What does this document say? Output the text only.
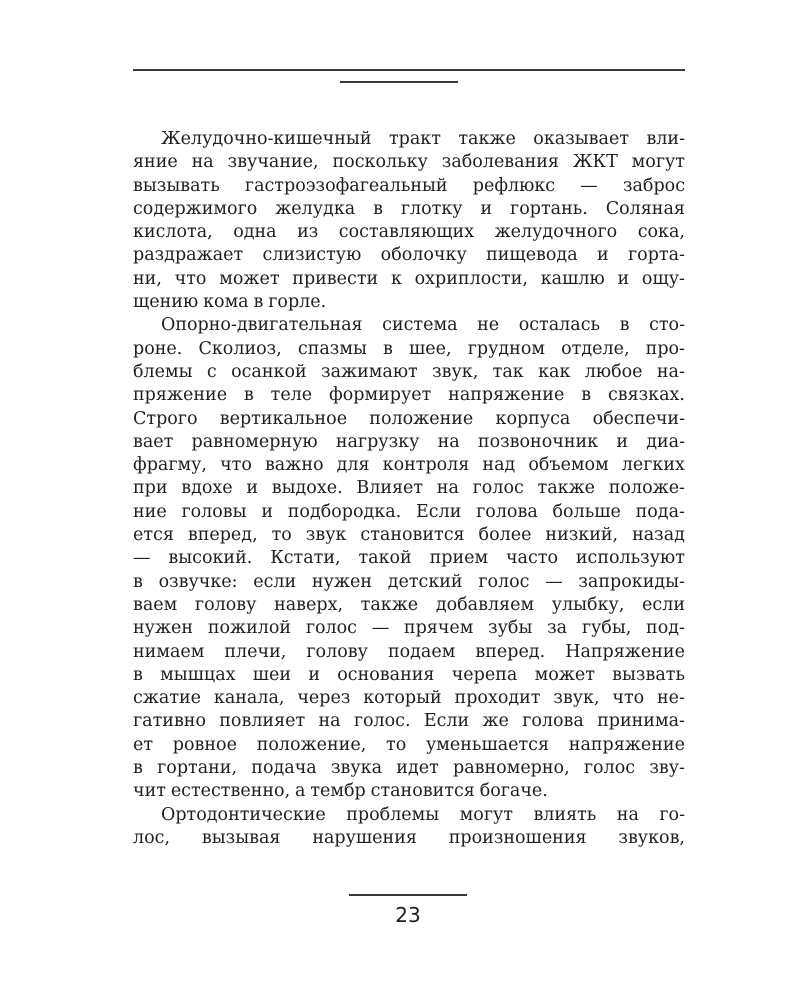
Желудочно-кишечный тракт также оказывает вли-
яние на звучание, поскольку заболевания ЖКТ могут
вызывать гастроэзофагеальный рефлюкс — заброс
содержимого желудка в глотку и гортань. Соляная
кислота, одна из составляющих желудочного сока,
раздражает слизистую оболочку пищевода и горта-
ни, что может привести к охриплости, кашлю и ощу-
щению кома в горле.
Опорно-двигательная система не осталась в сто-
роне. Сколиоз, спазмы в шее, грудном отделе, про-
блемы с осанкой зажимают звук, так как любое на-
пряжение в теле формирует напряжение в связках.
Строго вертикальное положение корпуса обеспечи-
вает равномерную нагрузку на позвоночник и диа-
фрагму, что важно для контроля над объемом легких
при вдохе и выдохе. Влияет на голос также положе-
ние головы и подбородка. Если голова больше пода-
ется вперед, то звук становится более низкий, назад
— высокий. Кстати, такой прием часто используют
в озвучке: если нужен детский голос — запрокиды-
ваем голову наверх, также добавляем улыбку, если
нужен пожилой голос — прячем зубы за губы, под-
нимаем плечи, голову подаем вперед. Напряжение
в мышцах шеи и основания черепа может вызвать
сжатие канала, через который проходит звук, что не-
гативно повлияет на голос. Если же голова принима-
ет ровное положение, то уменьшается напряжение
в гортани, подача звука идет равномерно, голос зву-
чит естественно, а тембр становится богаче.
Ортодонтические проблемы могут влиять на го-
лос, вызывая нарушения произношения звуков,
23
